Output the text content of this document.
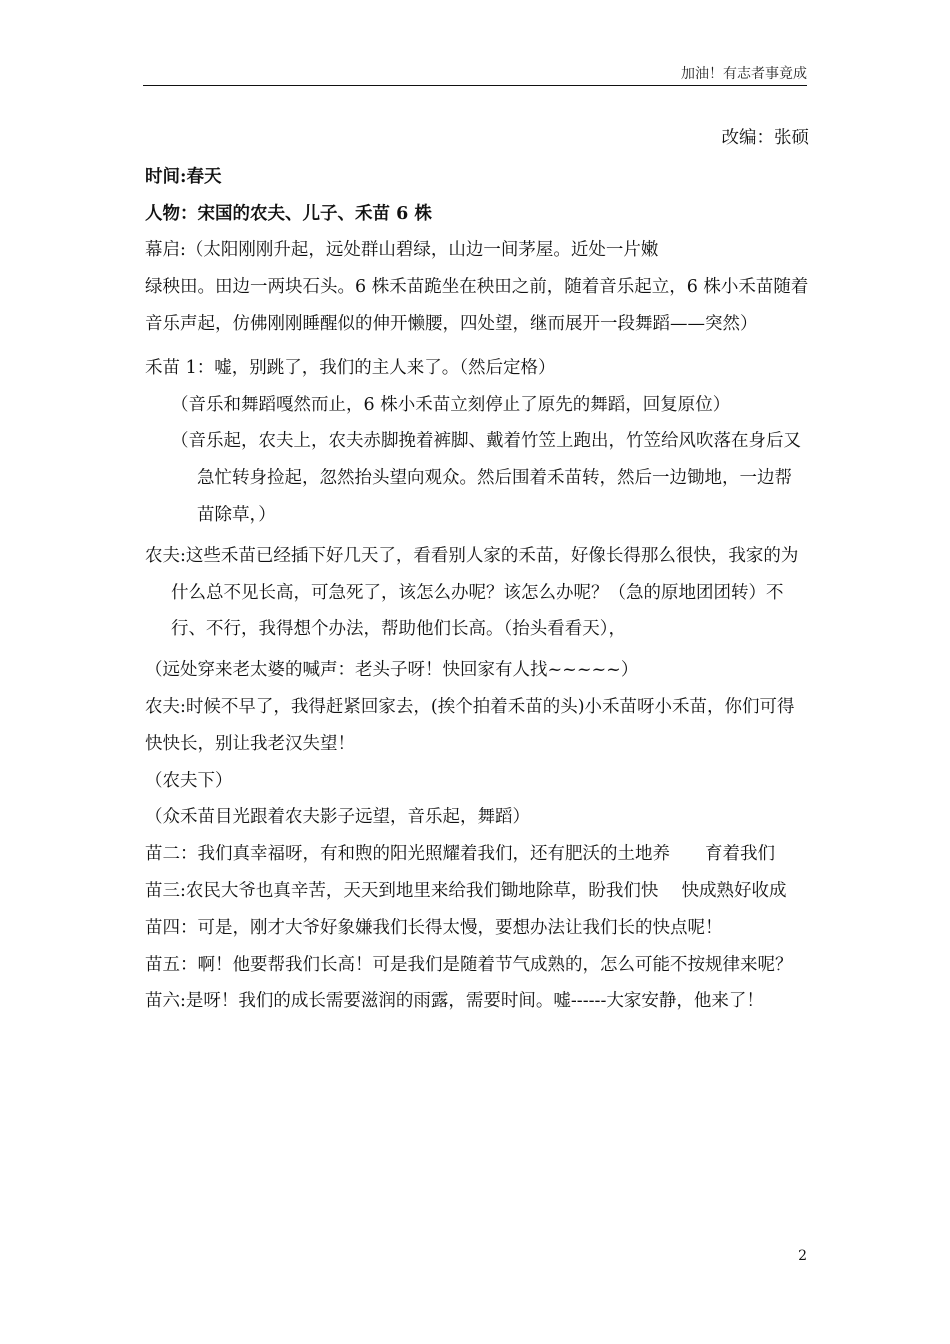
加油！有志者事竟成

改编：张硕

时间:春天

人物：宋国的农夫、儿子、禾苗 6 株

幕启:（太阳刚刚升起，远处群山碧绿，山边一间茅屋。近处一片嫩

绿秧田。田边一两块石头。6 株禾苗跪坐在秧田之前，随着音乐起立，6 株小禾苗随着音乐声起，仿佛刚刚睡醒似的伸开懒腰，四处望，继而展开一段舞蹈——突然）

禾苗 1：嘘，别跳了，我们的主人来了。（然后定格）

（音乐和舞蹈嘎然而止，6 株小禾苗立刻停止了原先的舞蹈，回复原位）

（音乐起，农夫上，农夫赤脚挽着裤脚、戴着竹笠上跑出，竹笠给风吹落在身后又急忙转身捡起，忽然抬头望向观众。然后围着禾苗转，然后一边锄地，一边帮苗除草，）

农夫:这些禾苗已经插下好几天了，看看别人家的禾苗，好像长得那么很快，我家的为什么总不见长高，可急死了，该怎么办呢？该怎么办呢？（急的原地团团转）不行、不行，我得想个办法，帮助他们长高。（抬头看看天），

（远处穿来老太婆的喊声：老头子呀！快回家有人找~~~~~）

农夫:时候不早了，我得赶紧回家去，(挨个拍着禾苗的头)小禾苗呀小禾苗，你们可得快快长，别让我老汉失望！

（农夫下）

（众禾苗目光跟着农夫影子远望，音乐起，舞蹈）

苗二：我们真幸福呀，有和煦的阳光照耀着我们，还有肥沃的土地养　　育着我们

苗三:农民大爷也真辛苦，天天到地里来给我们锄地除草，盼我们快　 快成熟好收成

苗四：可是，刚才大爷好象嫌我们长得太慢，要想办法让我们长的快点呢！

苗五：啊！他要帮我们长高！可是我们是随着节气成熟的，怎么可能不按规律来呢？

苗六:是呀！我们的成长需要滋润的雨露，需要时间。嘘------大家安静，他来了！

2
